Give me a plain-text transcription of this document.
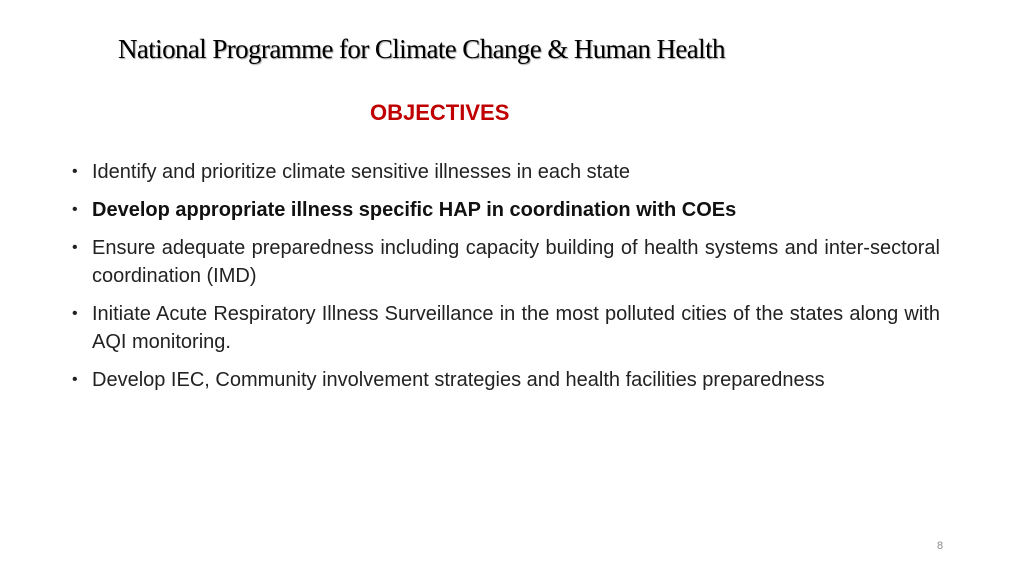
National Programme for Climate Change & Human Health
OBJECTIVES
• Identify and prioritize climate sensitive illnesses in each state
• Develop appropriate illness specific HAP in coordination with COEs
• Ensure adequate preparedness including capacity building of health systems and inter-sectoral coordination (IMD)
• Initiate Acute Respiratory Illness Surveillance in the most polluted cities of the states along with AQI monitoring.
• Develop IEC, Community involvement strategies and health facilities preparedness
8
